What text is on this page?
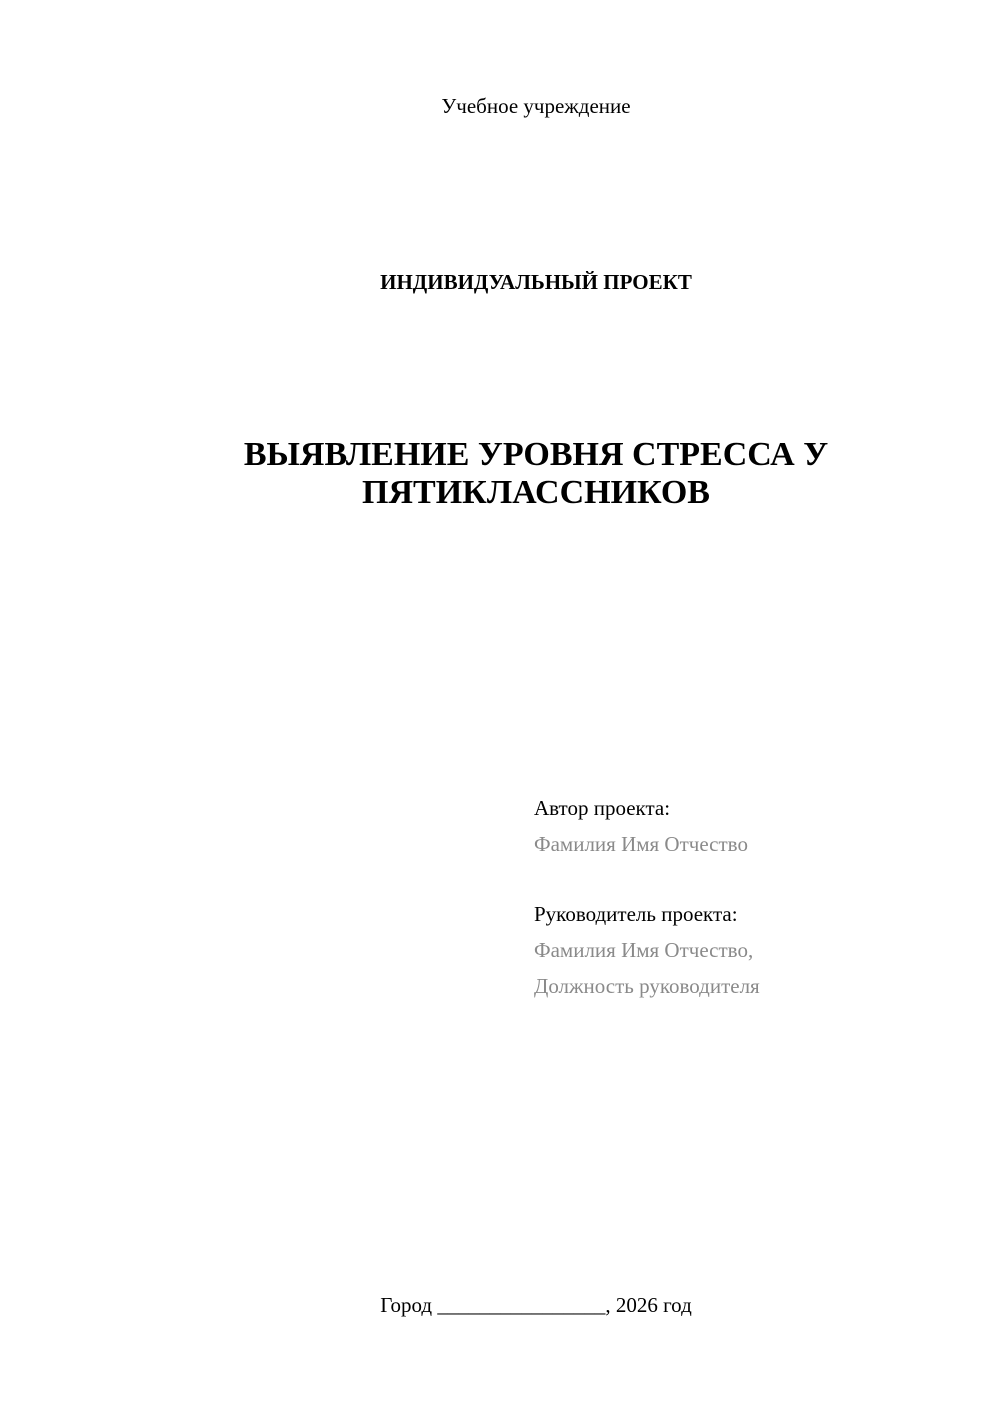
Учебное учреждение
ИНДИВИДУАЛЬНЫЙ ПРОЕКТ
ВЫЯВЛЕНИЕ УРОВНЯ СТРЕССА У
ПЯТИКЛАССНИКОВ
Автор проекта:
Фамилия Имя Отчество
Руководитель проекта:
Фамилия Имя Отчество,
Должность руководителя
Город ________________, 2026 год
